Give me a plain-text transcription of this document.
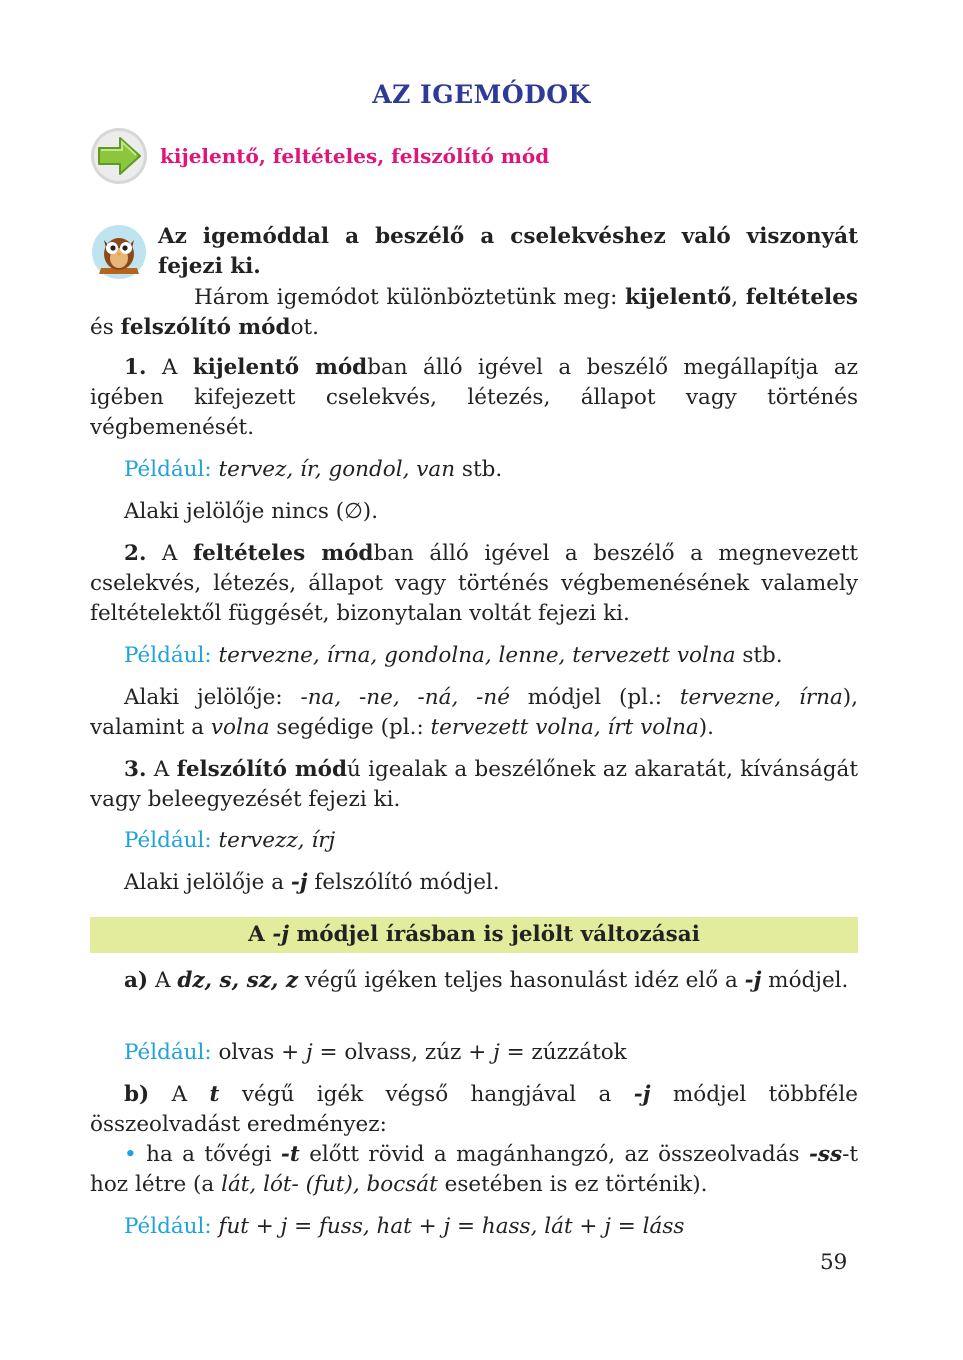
AZ IGEMÓDOK
kijelentő, feltételes, felszólító mód
Az igemóddal a beszélő a cselekvéshez való viszonyát fejezi ki.
Három igemódot különböztetünk meg: kijelentő, feltételes és felszólító módot.
1. A kijelentő módban álló igével a beszélő megállapítja az igében kifejezett cselekvés, létezés, állapot vagy történés végbemenését.
Például: tervez, ír, gondol, van stb.
Alaki jelölője nincs (∅).
2. A feltételes módban álló igével a beszélő a megnevezett cselekvés, létezés, állapot vagy történés végbemenésének valamely feltételektől függését, bizonytalan voltát fejezi ki.
Például: tervezne, írna, gondolna, lenne, tervezett volna stb.
Alaki jelölője: -na, -ne, -ná, -né módjel (pl.: tervezne, írna), valamint a volna segédige (pl.: tervezett volna, írt volna).
3. A felszólító módú igealak a beszélőnek az akaratát, kívánságát vagy beleegyezését fejezi ki.
Például: tervezz, írj
Alaki jelölője a -j felszólító módjel.
A -j módjel írásban is jelölt változásai
a) A dz, s, sz, z végű igéken teljes hasonulást idéz elő a -j módjel.
Például: olvas + j = olvass, zúz + j = zúzzátok
b) A t végű igék végső hangjával a -j módjel többféle összeolvadást eredményez:
• ha a tővégi -t előtt rövid a magánhangzó, az összeolvadás -ss-t hoz létre (a lát, lót- (fut), bocsát esetében is ez történik).
Például: fut + j = fuss, hat + j = hass, lát + j = láss
59
